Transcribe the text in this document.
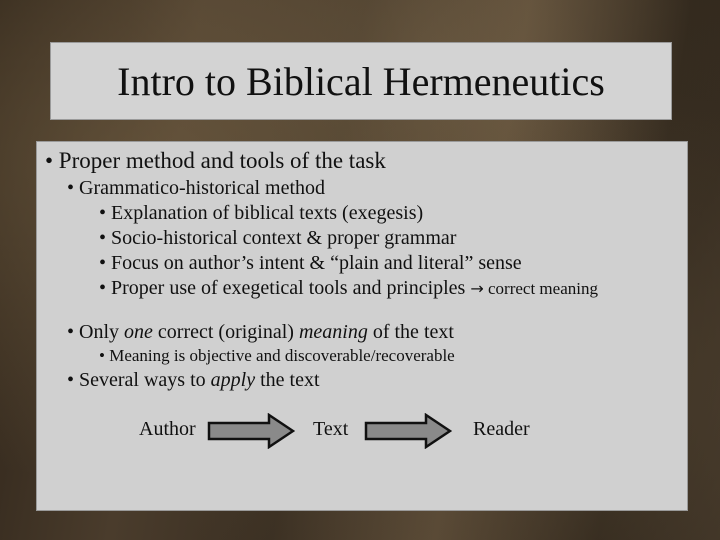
Intro to Biblical Hermeneutics
• Proper method and tools of the task
• Grammatico-historical method
• Explanation of biblical texts (exegesis)
• Socio-historical context & proper grammar
• Focus on author’s intent & “plain and literal” sense
• Proper use of exegetical tools and principles → correct meaning
• Only one correct (original) meaning of the text
• Meaning is objective and discoverable/recoverable
• Several ways to apply the text
Author	Text	Reader
